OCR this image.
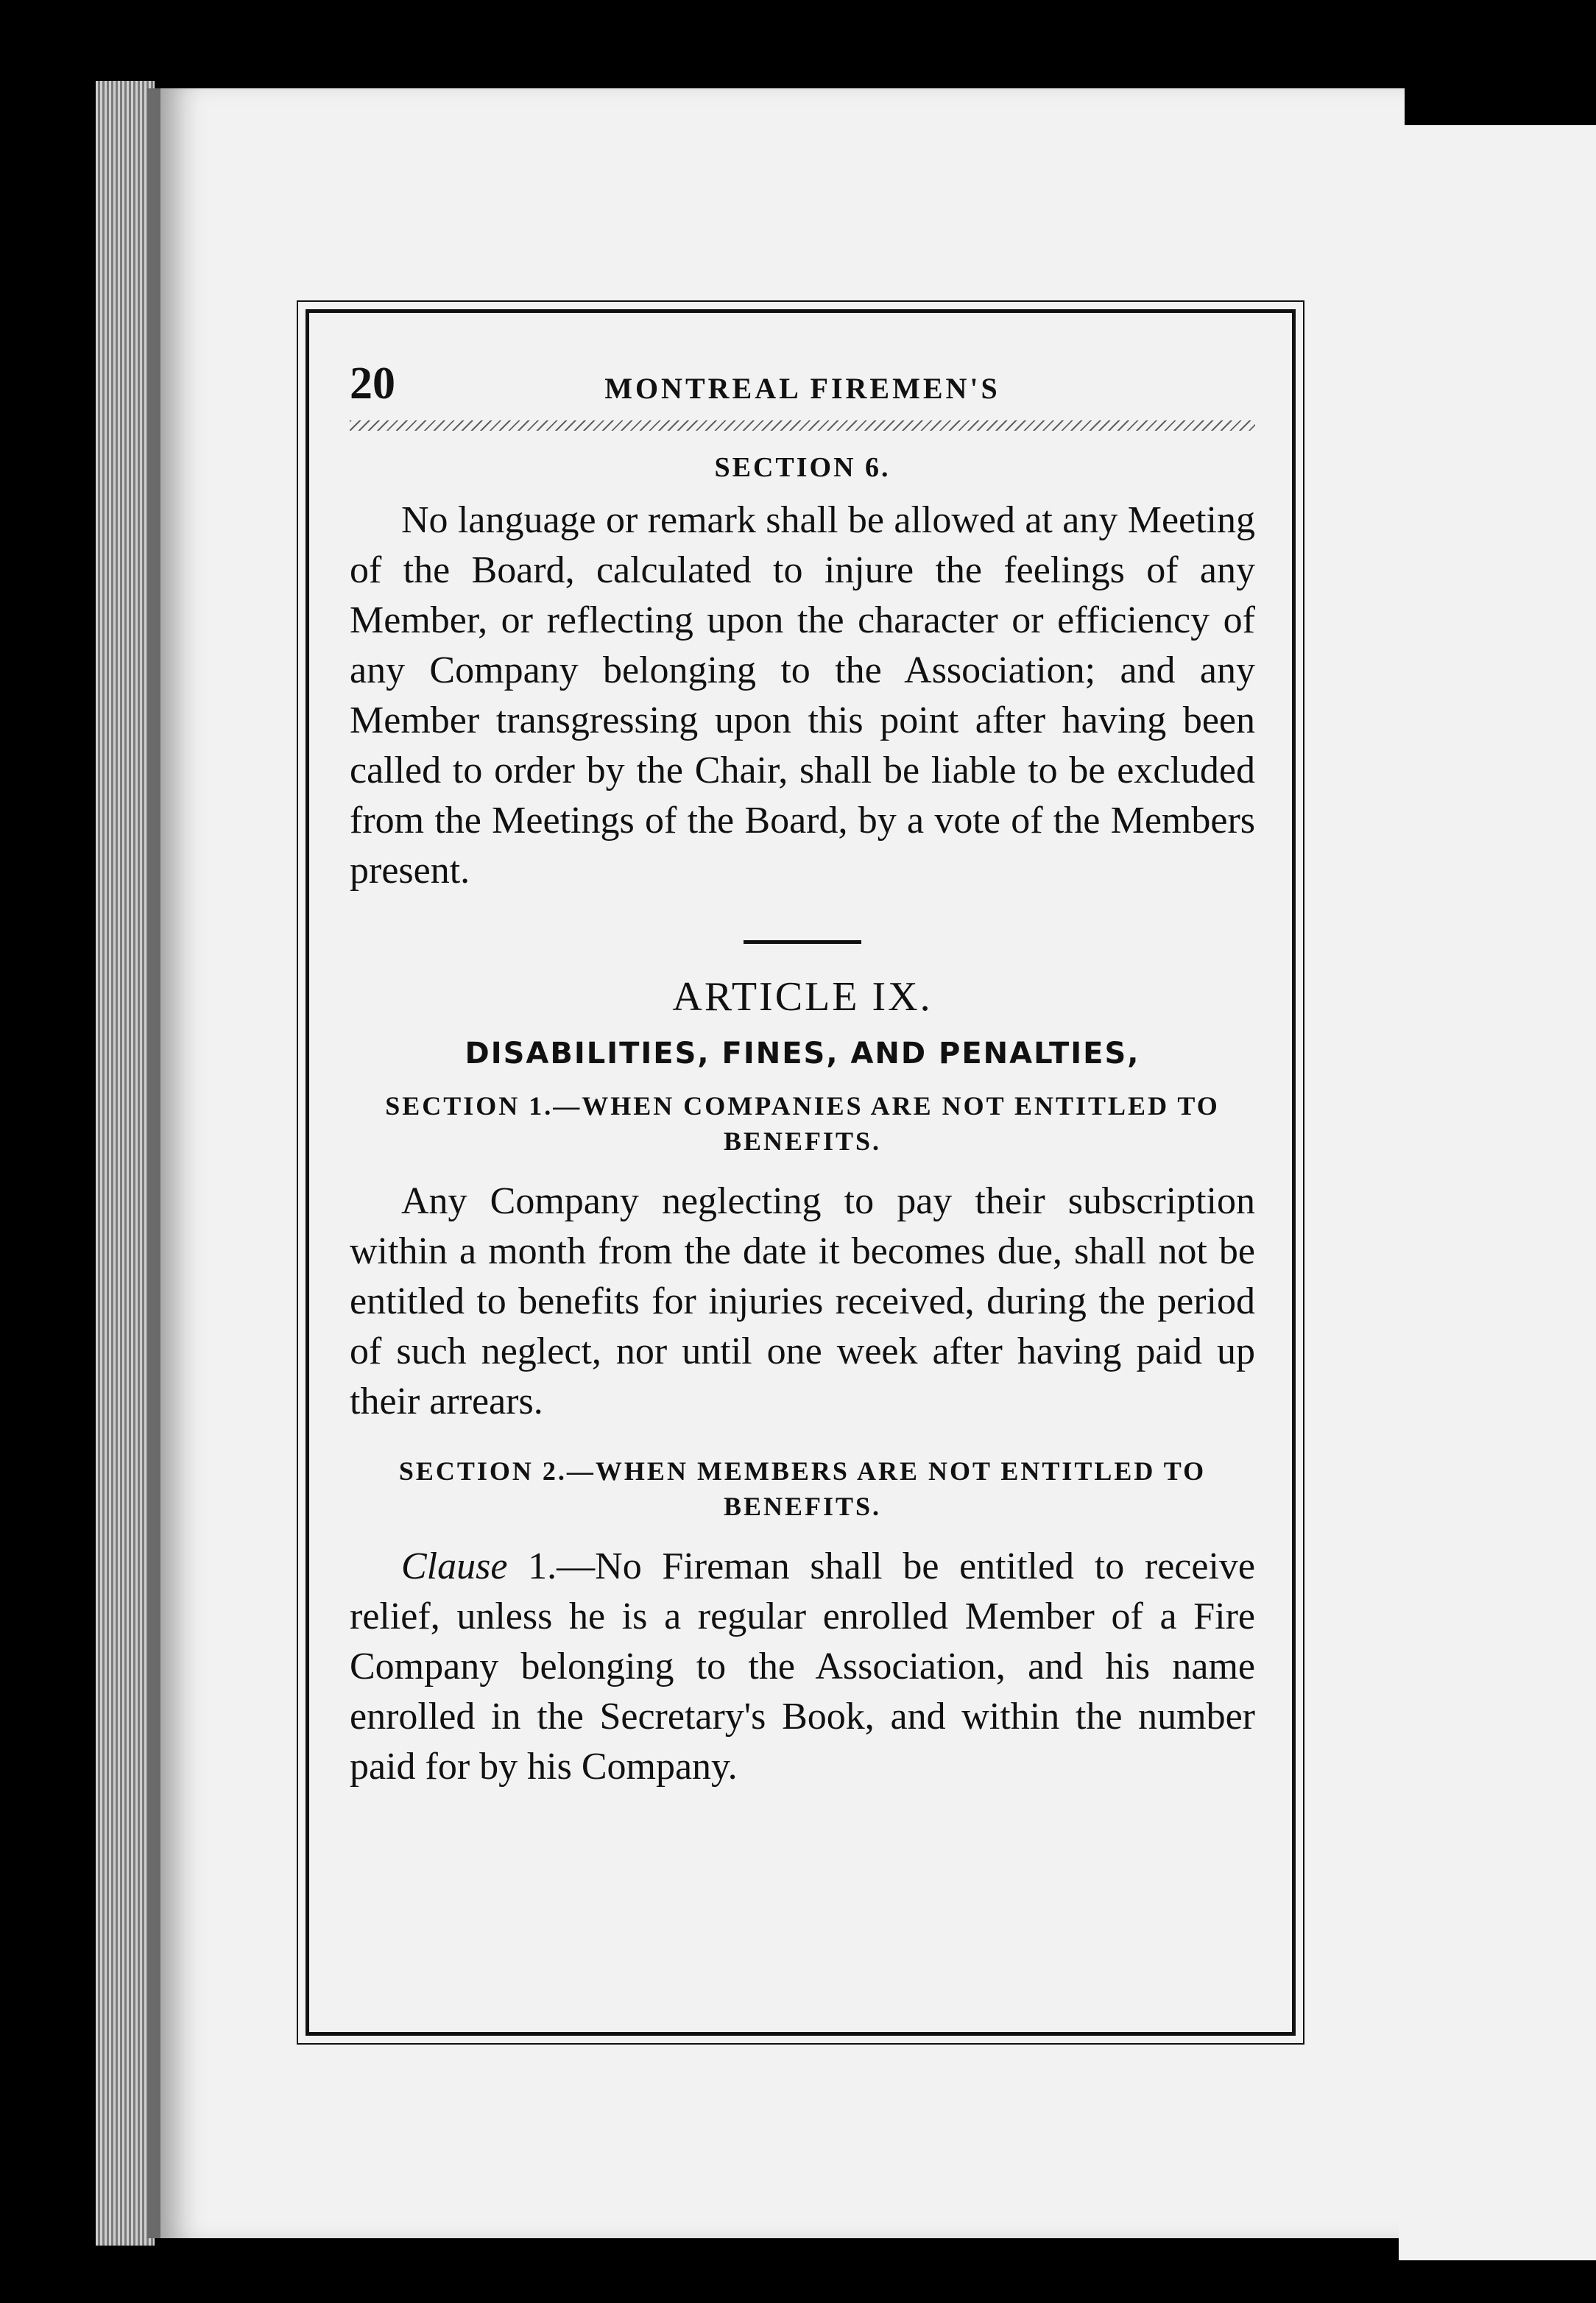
20	MONTREAL FIREMEN'S
SECTION 6.

No language or remark shall be allowed at any Meeting of the Board, calculated to injure the feelings of any Member, or reflecting upon the character or efficiency of any Company belonging to the Association; and any Member transgressing upon this point after having been called to order by the Chair, shall be liable to be excluded from the Meetings of the Board, by a vote of the Members present.

ARTICLE IX.
DISABILITIES, FINES, AND PENALTIES,
SECTION 1.—WHEN COMPANIES ARE NOT ENTITLED TO BENEFITS.

Any Company neglecting to pay their subscription within a month from the date it becomes due, shall not be entitled to benefits for injuries received, during the period of such neglect, nor until one week after having paid up their arrears.

SECTION 2.—WHEN MEMBERS ARE NOT ENTITLED TO BENEFITS.

Clause 1.—No Fireman shall be entitled to receive relief, unless he is a regular enrolled Member of a Fire Company belonging to the Association, and his name enrolled in the Secretary's Book, and within the number paid for by his Company.
